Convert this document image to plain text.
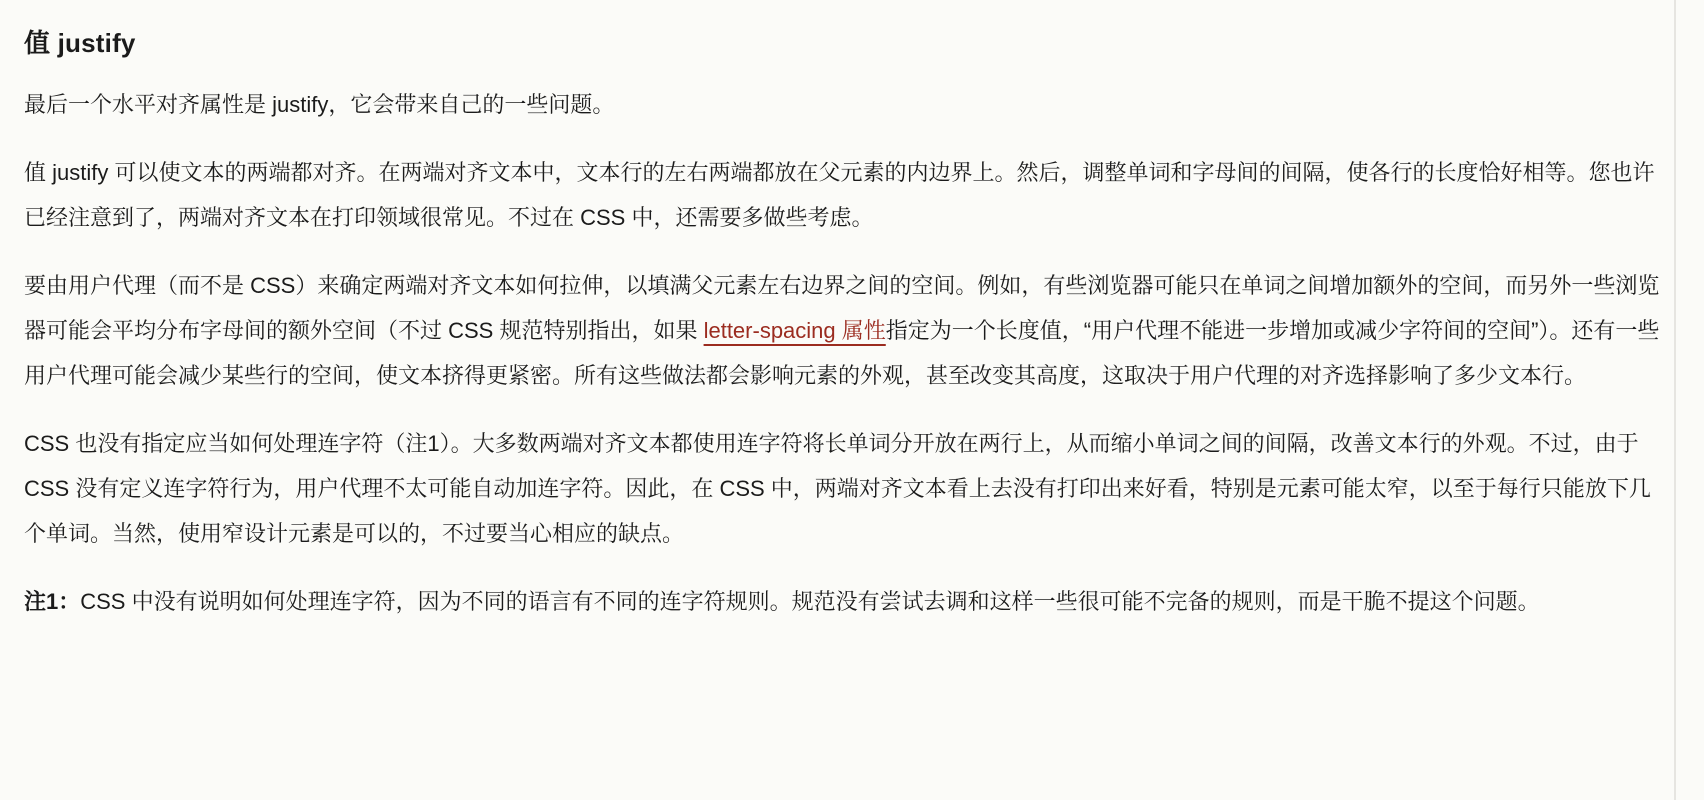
值 justify

最后一个水平对齐属性是 justify，它会带来自己的一些问题。

值 justify 可以使文本的两端都对齐。在两端对齐文本中，文本行的左右两端都放在父元素的内边界上。然后，调整单词和字母间的间隔，使各行的长度恰好相等。您也许已经注意到了，两端对齐文本在打印领域很常见。不过在 CSS 中，还需要多做些考虑。

要由用户代理（而不是 CSS）来确定两端对齐文本如何拉伸，以填满父元素左右边界之间的空间。例如，有些浏览器可能只在单词之间增加额外的空间，而另外一些浏览器可能会平均分布字母间的额外空间（不过 CSS 规范特别指出，如果 letter-spacing 属性指定为一个长度值，“用户代理不能进一步增加或减少字符间的空间”）。还有一些用户代理可能会减少某些行的空间，使文本挤得更紧密。所有这些做法都会影响元素的外观，甚至改变其高度，这取决于用户代理的对齐选择影响了多少文本行。

CSS 也没有指定应当如何处理连字符（注1）。大多数两端对齐文本都使用连字符将长单词分开放在两行上，从而缩小单词之间的间隔，改善文本行的外观。不过，由于 CSS 没有定义连字符行为，用户代理不太可能自动加连字符。因此，在 CSS 中，两端对齐文本看上去没有打印出来好看，特别是元素可能太窄，以至于每行只能放下几个单词。当然，使用窄设计元素是可以的，不过要当心相应的缺点。

注1：CSS 中没有说明如何处理连字符，因为不同的语言有不同的连字符规则。规范没有尝试去调和这样一些很可能不完备的规则，而是干脆不提这个问题。
